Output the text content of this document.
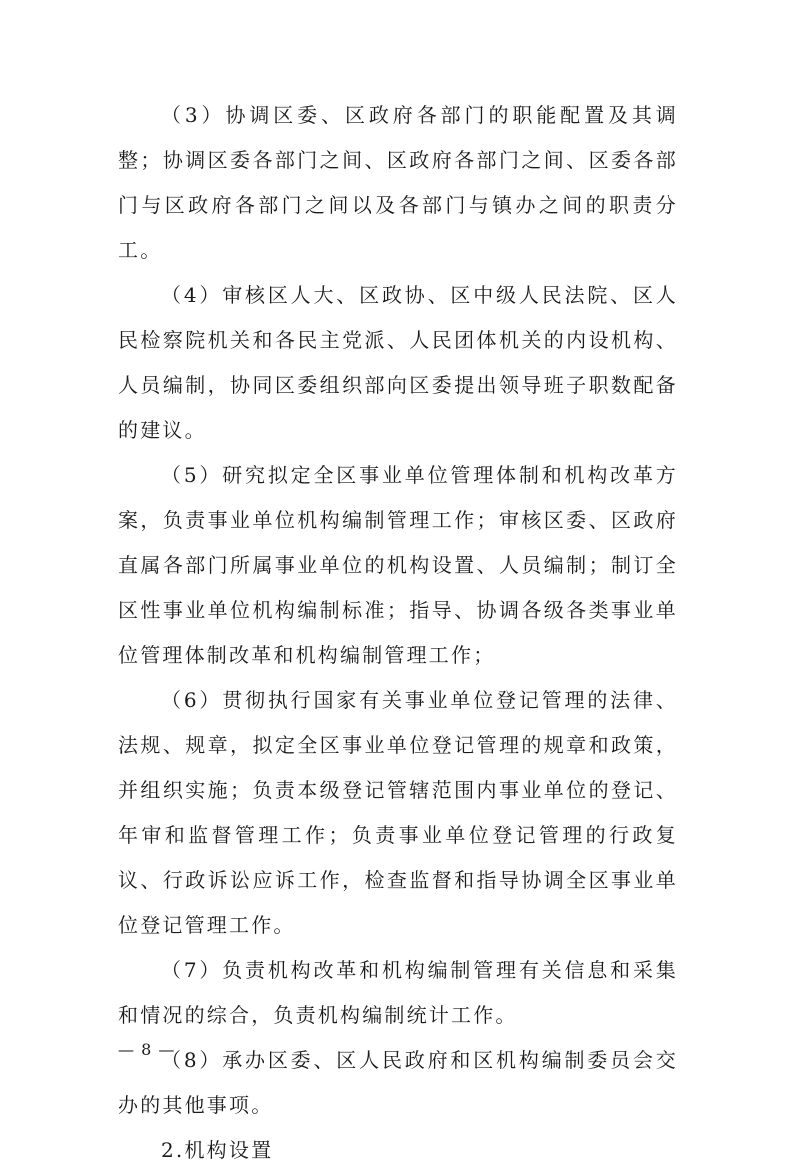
（3）协调区委、区政府各部门的职能配置及其调整；协调区委各部门之间、区政府各部门之间、区委各部门与区政府各部门之间以及各部门与镇办之间的职责分工。

（4）审核区人大、区政协、区中级人民法院、区人民检察院机关和各民主党派、人民团体机关的内设机构、人员编制，协同区委组织部向区委提出领导班子职数配备的建议。

（5）研究拟定全区事业单位管理体制和机构改革方案，负责事业单位机构编制管理工作；审核区委、区政府直属各部门所属事业单位的机构设置、人员编制；制订全区性事业单位机构编制标准；指导、协调各级各类事业单位管理体制改革和机构编制管理工作；

（6）贯彻执行国家有关事业单位登记管理的法律、法规、规章，拟定全区事业单位登记管理的规章和政策，并组织实施；负责本级登记管辖范围内事业单位的登记、年审和监督管理工作；负责事业单位登记管理的行政复议、行政诉讼应诉工作，检查监督和指导协调全区事业单位登记管理工作。

（7）负责机构改革和机构编制管理有关信息和采集和情况的综合，负责机构编制统计工作。

（8）承办区委、区人民政府和区机构编制委员会交办的其他事项。

2.机构设置

— 8 —
